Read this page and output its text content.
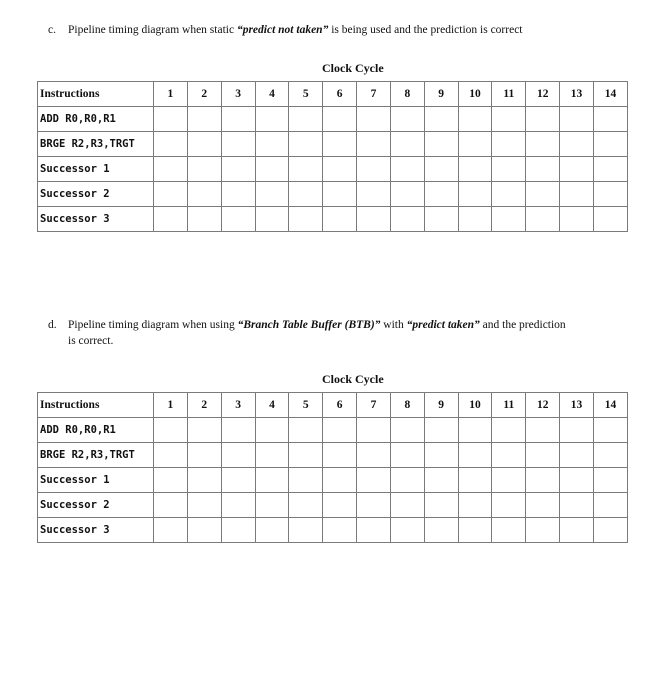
c. Pipeline timing diagram when static “predict not taken” is being used and the prediction is correct
Clock Cycle
Instructions	1	2	3	4	5	6	7	8	9	10	11	12	13	14
ADD R0,R0,R1														
BRGE R2,R3,TRGT														
Successor 1														
Successor 2														
Successor 3														
d. Pipeline timing diagram when using “Branch Table Buffer (BTB)” with “predict taken” and the prediction
is correct.
Clock Cycle
Instructions	1	2	3	4	5	6	7	8	9	10	11	12	13	14
ADD R0,R0,R1														
BRGE R2,R3,TRGT														
Successor 1														
Successor 2														
Successor 3														
